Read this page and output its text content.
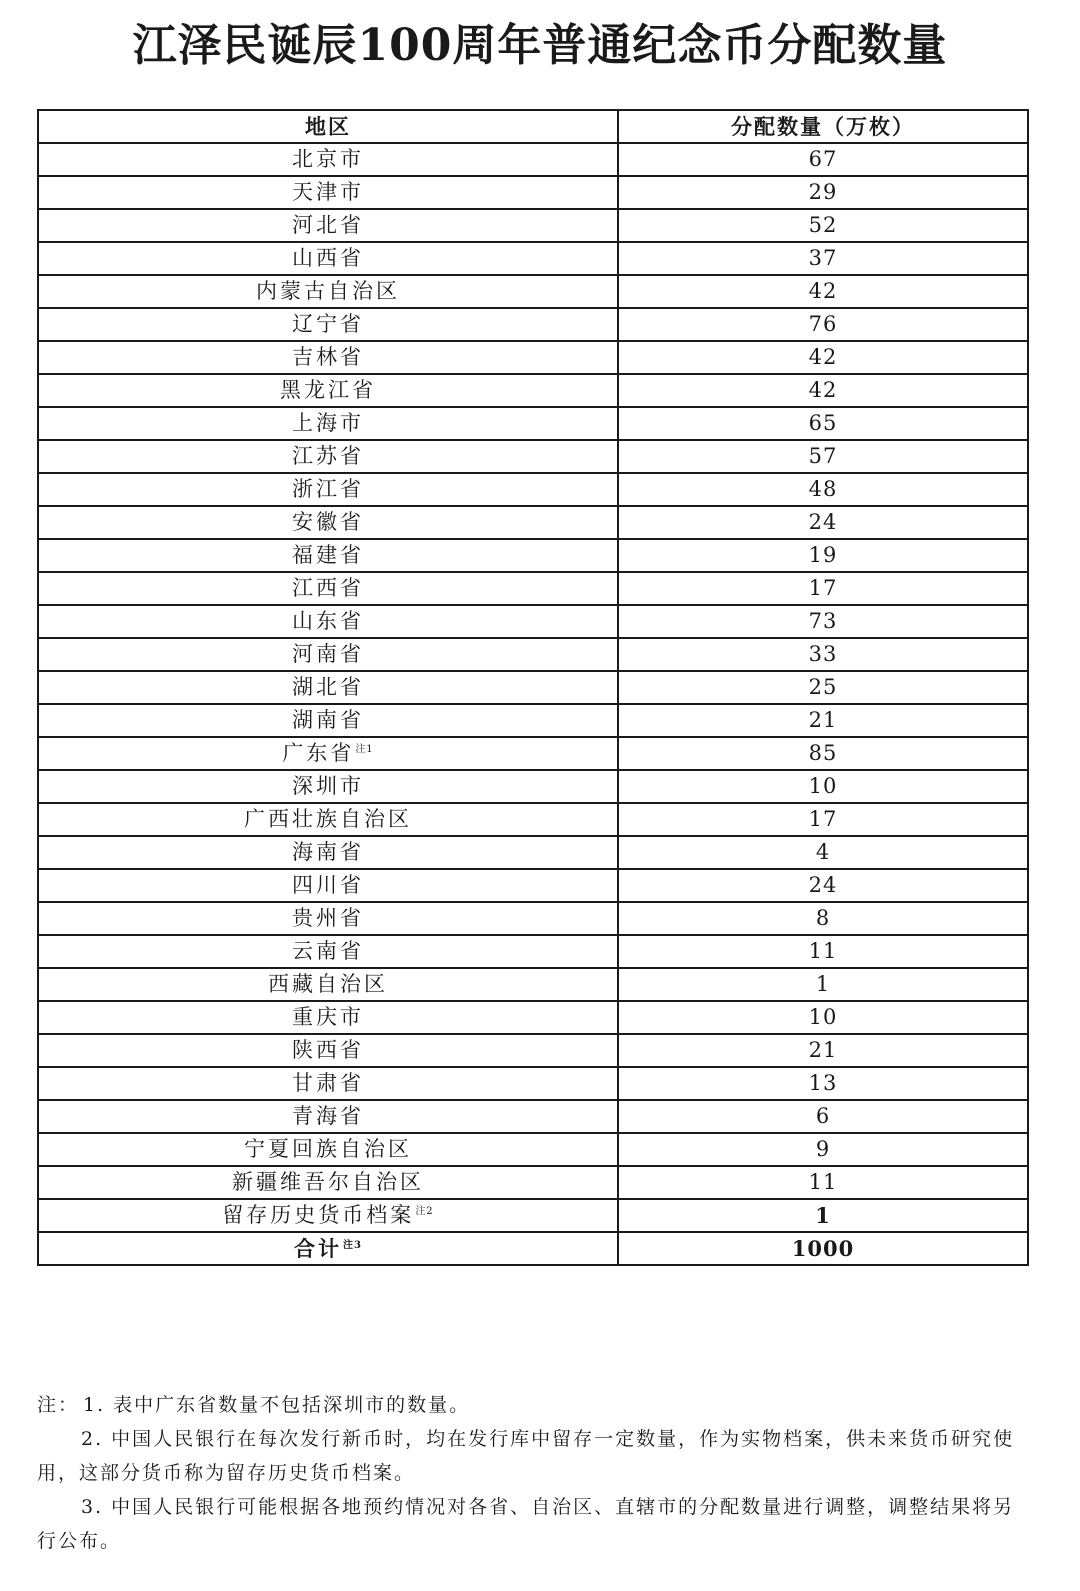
江泽民诞辰100周年普通纪念币分配数量
地区	分配数量（万枚）
北京市	67
天津市	29
河北省	52
山西省	37
内蒙古自治区	42
辽宁省	76
吉林省	42
黑龙江省	42
上海市	65
江苏省	57
浙江省	48
安徽省	24
福建省	19
江西省	17
山东省	73
河南省	33
湖北省	25
湖南省	21
广东省$^{注1}$	85
深圳市	10
广西壮族自治区	17
海南省	4
四川省	24
贵州省	8
云南省	11
西藏自治区	1
重庆市	10
陕西省	21
甘肃省	13
青海省	6
宁夏回族自治区	9
新疆维吾尔自治区	11
留存历史货币档案$^{注2}$	1
合计$^{注3}$	1000

注： 1. 表中广东省数量不包括深圳市的数量。

2. 中国人民银行在每次发行新币时，均在发行库中留存一定数量，作为实物档案，供未来货币研究使用，这部分货币称为留存历史货币档案。

3. 中国人民银行可能根据各地预约情况对各省、自治区、直辖市的分配数量进行调整，调整结果将另行公布。
